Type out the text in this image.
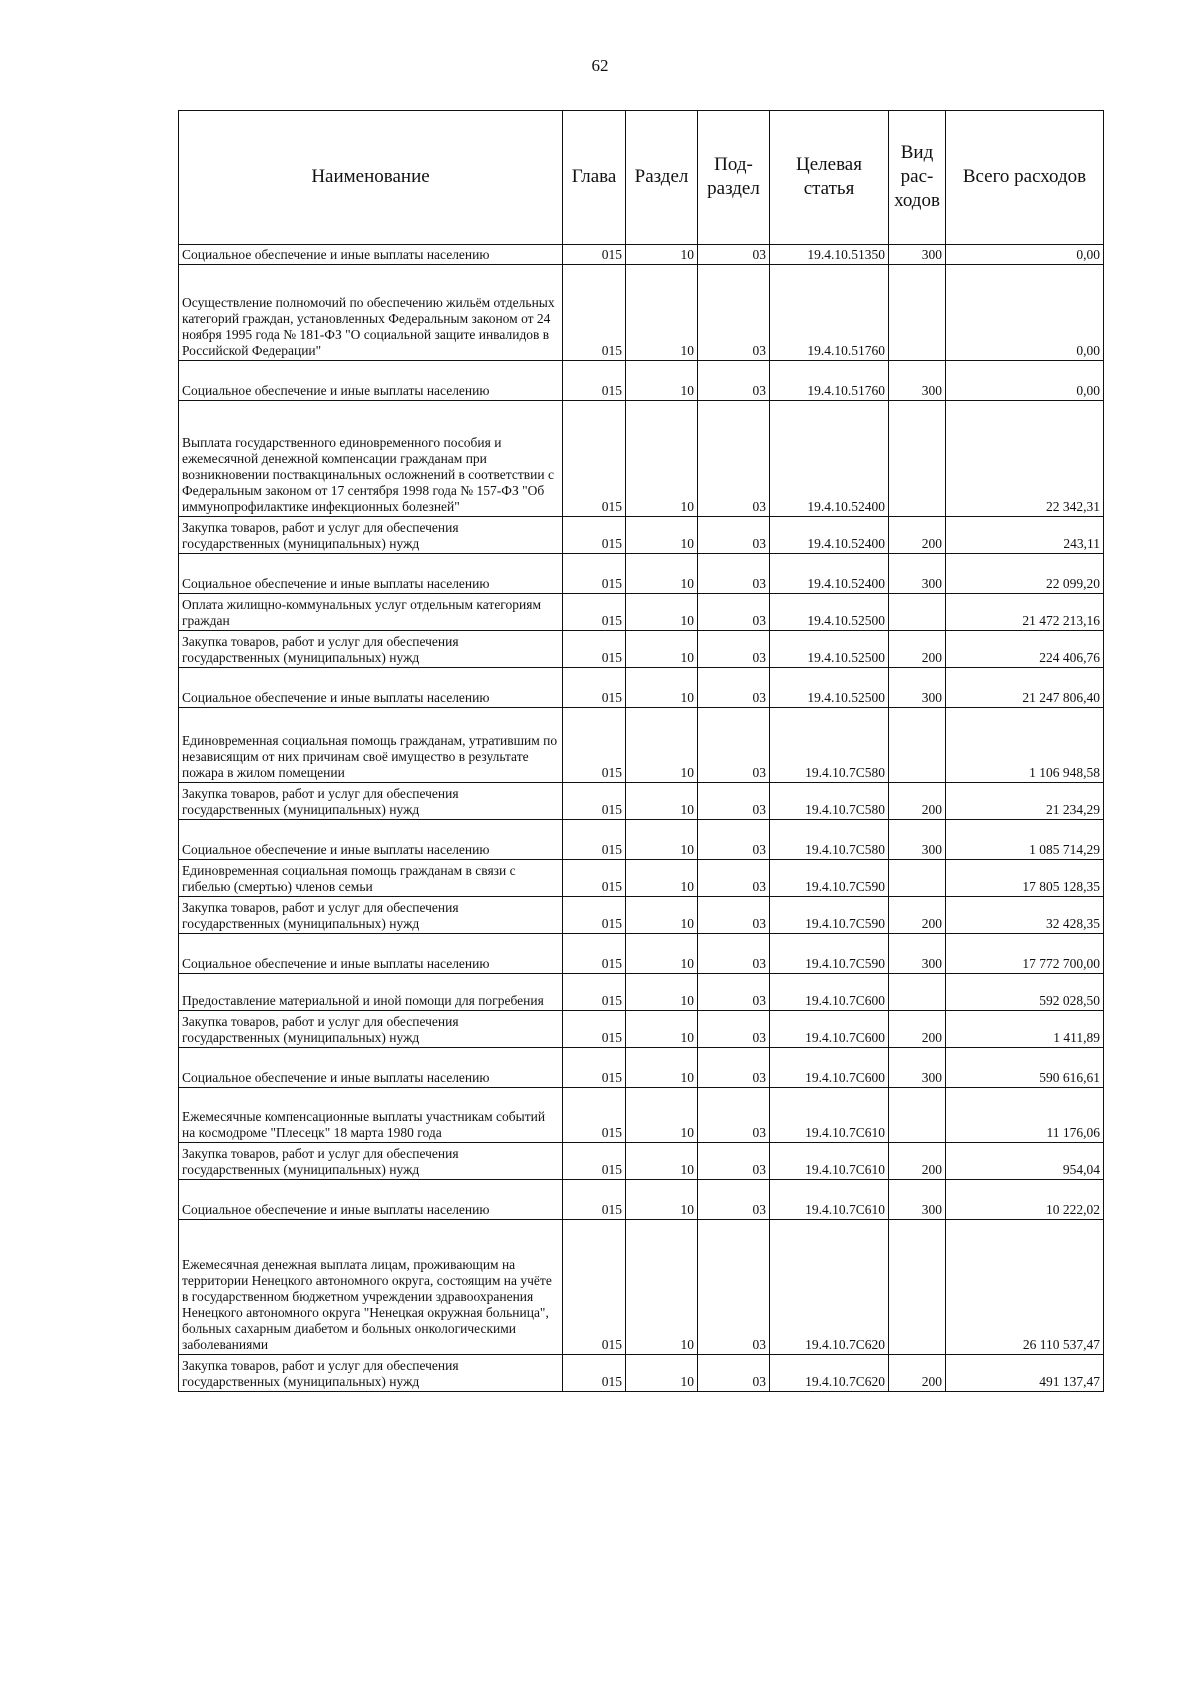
62
Наименование	Глава	Раздел	Под-раздел	Целевая статья	Вид рас-ходов	Всего расходов
Социальное обеспечение и иные выплаты населению	015	10	03	19.4.10.51350	300	0,00
Осуществление полномочий по обеспечению жильём отдельных категорий граждан, установленных Федеральным законом от 24 ноября 1995 года № 181-ФЗ "О социальной защите инвалидов в Российской Федерации"	015	10	03	19.4.10.51760		0,00
Социальное обеспечение и иные выплаты населению	015	10	03	19.4.10.51760	300	0,00
Выплата государственного единовременного пособия и ежемесячной денежной компенсации гражданам при возникновении поствакцинальных осложнений в соответствии с Федеральным законом от 17 сентября 1998 года № 157-ФЗ "Об иммунопрофилактике инфекционных болезней"	015	10	03	19.4.10.52400		22 342,31
Закупка товаров, работ и услуг для обеспечения государственных (муниципальных) нужд	015	10	03	19.4.10.52400	200	243,11
Социальное обеспечение и иные выплаты населению	015	10	03	19.4.10.52400	300	22 099,20
Оплата жилищно-коммунальных услуг отдельным категориям граждан	015	10	03	19.4.10.52500		21 472 213,16
Закупка товаров, работ и услуг для обеспечения государственных (муниципальных) нужд	015	10	03	19.4.10.52500	200	224 406,76
Социальное обеспечение и иные выплаты населению	015	10	03	19.4.10.52500	300	21 247 806,40
Единовременная социальная помощь гражданам, утратившим по независящим от них причинам своё имущество в результате пожара в жилом помещении	015	10	03	19.4.10.7С580		1 106 948,58
Закупка товаров, работ и услуг для обеспечения государственных (муниципальных) нужд	015	10	03	19.4.10.7С580	200	21 234,29
Социальное обеспечение и иные выплаты населению	015	10	03	19.4.10.7С580	300	1 085 714,29
Единовременная социальная помощь гражданам в связи с гибелью (смертью) членов семьи	015	10	03	19.4.10.7С590		17 805 128,35
Закупка товаров, работ и услуг для обеспечения государственных (муниципальных) нужд	015	10	03	19.4.10.7С590	200	32 428,35
Социальное обеспечение и иные выплаты населению	015	10	03	19.4.10.7С590	300	17 772 700,00
Предоставление материальной и иной помощи для погребения	015	10	03	19.4.10.7С600		592 028,50
Закупка товаров, работ и услуг для обеспечения государственных (муниципальных) нужд	015	10	03	19.4.10.7С600	200	1 411,89
Социальное обеспечение и иные выплаты населению	015	10	03	19.4.10.7С600	300	590 616,61
Ежемесячные компенсационные выплаты участникам событий на космодроме "Плесецк" 18 марта 1980 года	015	10	03	19.4.10.7С610		11 176,06
Закупка товаров, работ и услуг для обеспечения государственных (муниципальных) нужд	015	10	03	19.4.10.7С610	200	954,04
Социальное обеспечение и иные выплаты населению	015	10	03	19.4.10.7С610	300	10 222,02
Ежемесячная денежная выплата лицам, проживающим на территории Ненецкого автономного округа, состоящим на учёте в государственном бюджетном учреждении здравоохранения Ненецкого автономного округа "Ненецкая окружная больница", больных сахарным диабетом и больных онкологическими заболеваниями	015	10	03	19.4.10.7С620		26 110 537,47
Закупка товаров, работ и услуг для обеспечения государственных (муниципальных) нужд	015	10	03	19.4.10.7С620	200	491 137,47
